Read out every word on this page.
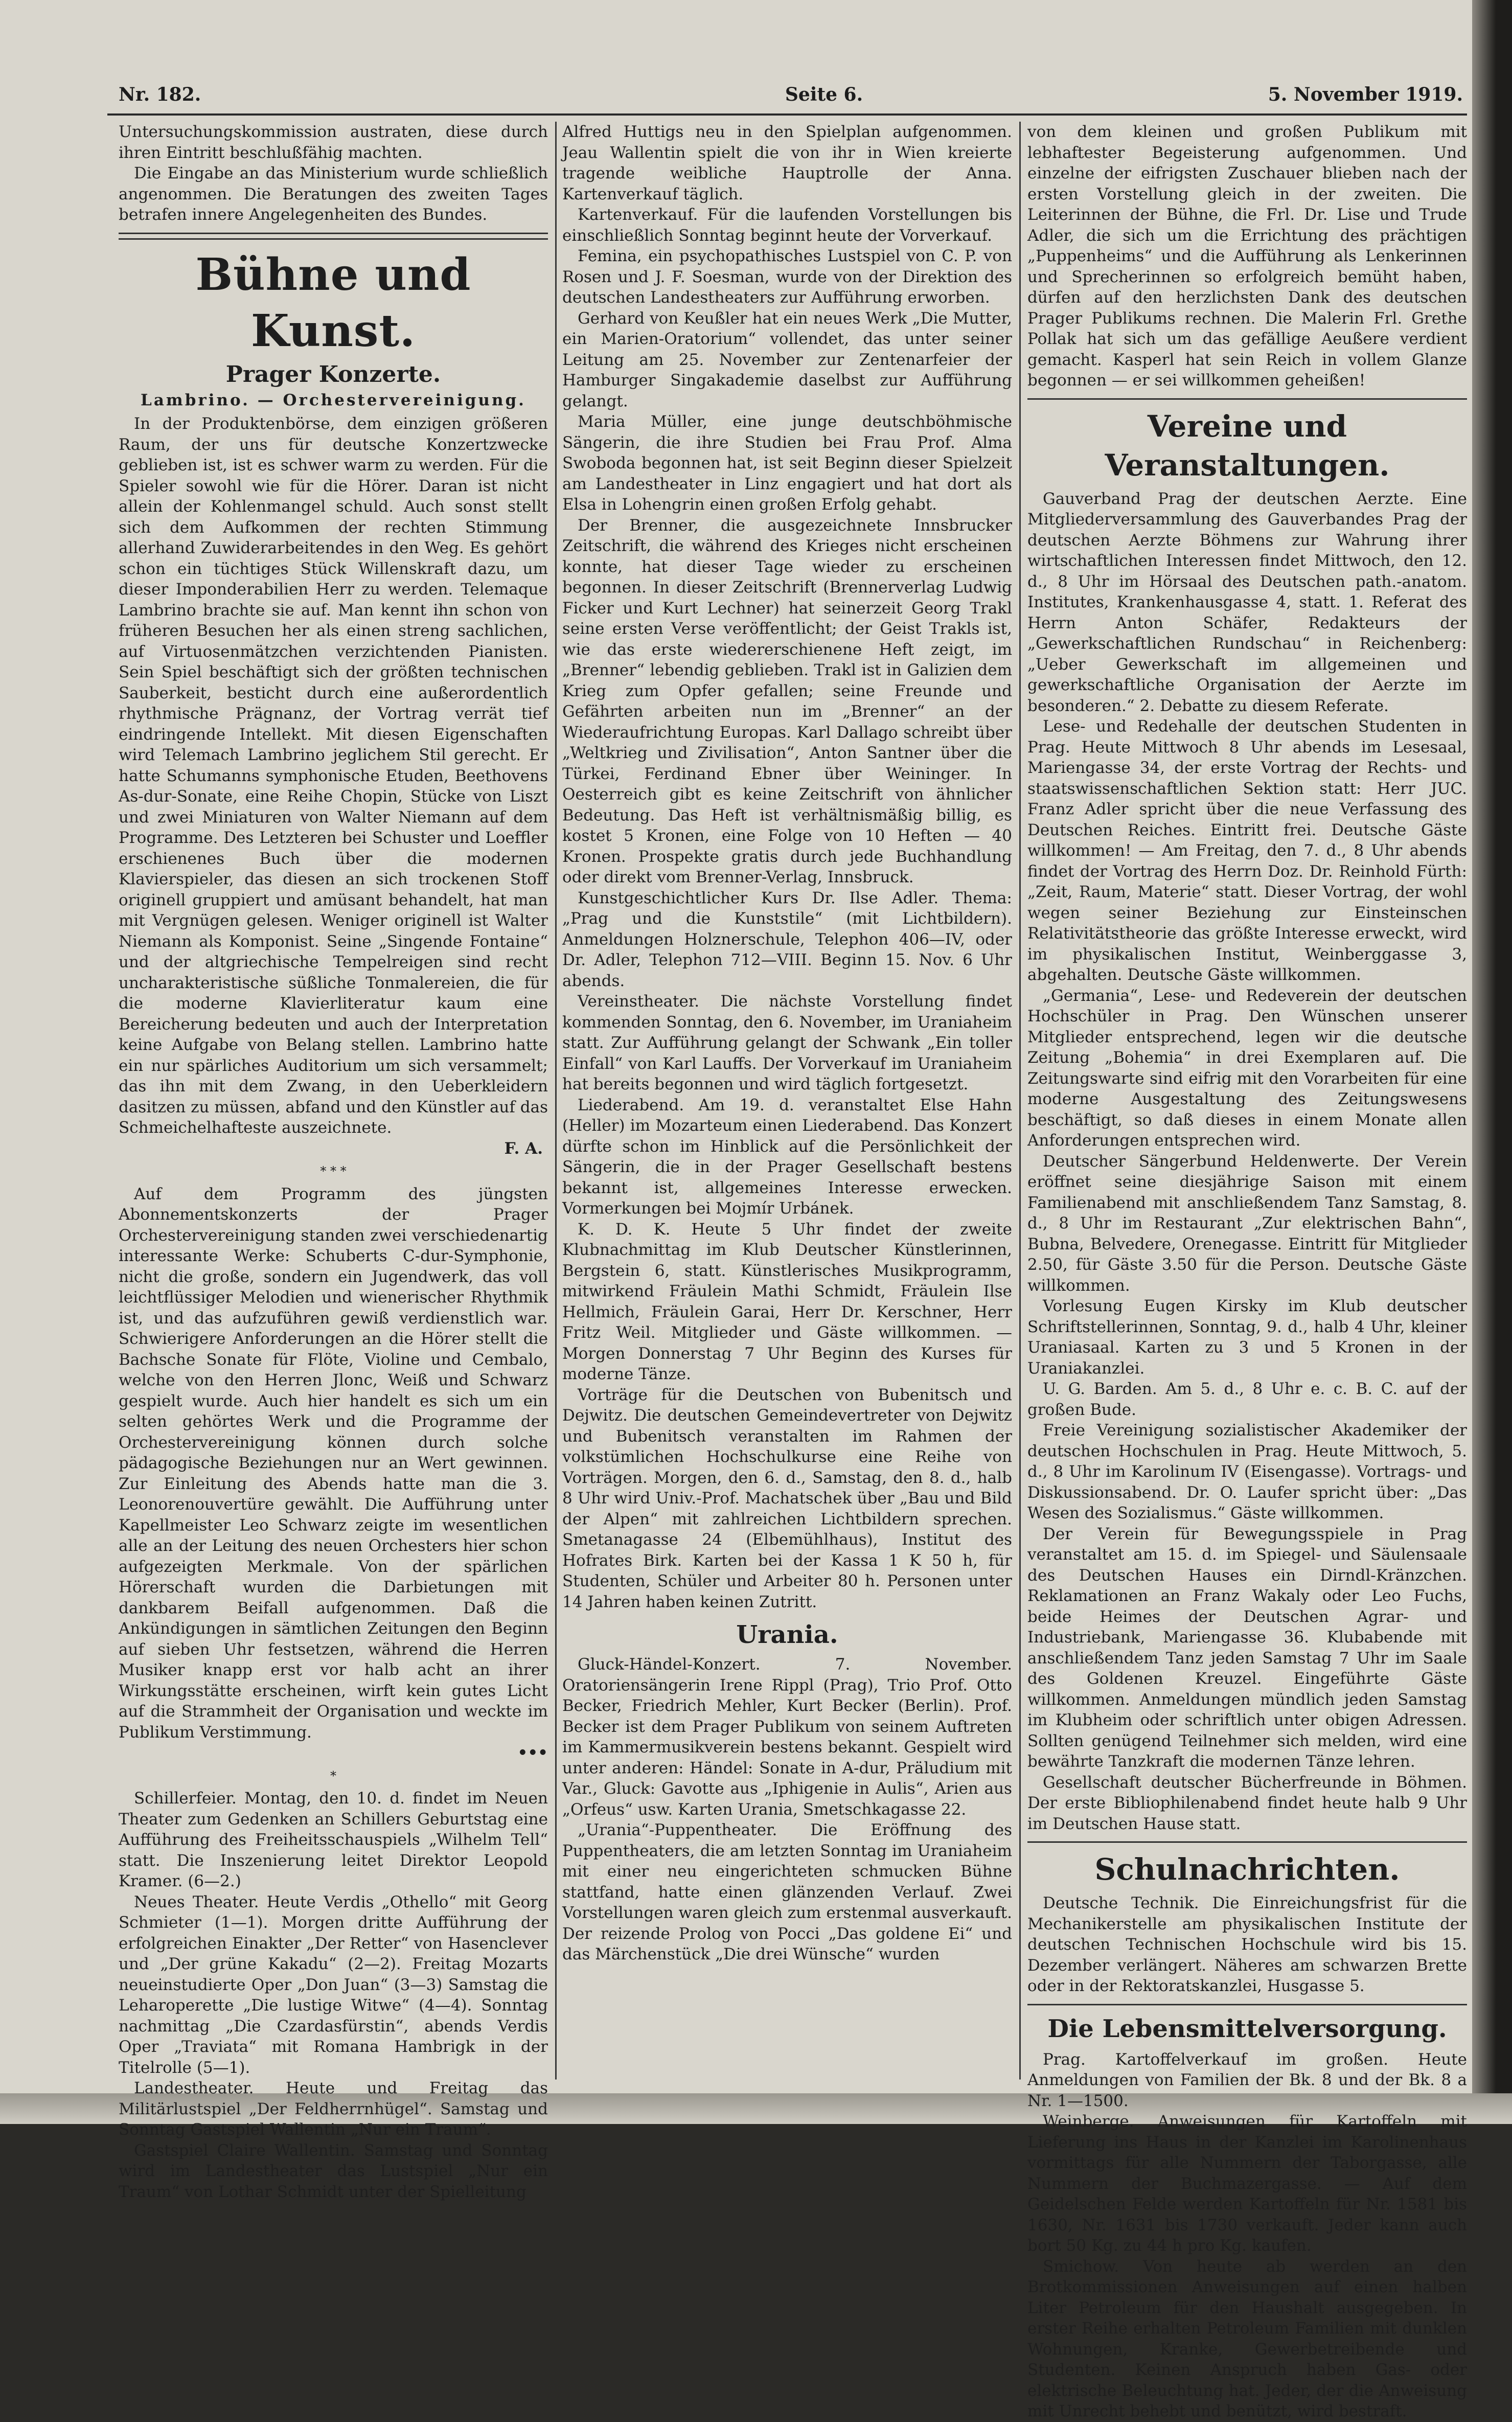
Nr. 182.	Seite 6.	5. November 1919.

Untersuchungskommission austraten, diese durch ihren Eintritt beschlußfähig machten.

Die Eingabe an das Ministerium wurde schließlich angenommen. Die Beratungen des zweiten Tages betrafen innere Angelegenheiten des Bundes.

Bühne und Kunst.
Prager Konzerte.
Lambrino. — Orchestervereinigung.

In der Produktenbörse, dem einzigen größeren Raum, der uns für deutsche Konzertzwecke geblieben ist, ist es schwer warm zu werden. Für die Spieler sowohl wie für die Hörer. Daran ist nicht allein der Kohlenmangel schuld. Auch sonst stellt sich dem Aufkommen der rechten Stimmung allerhand Zuwiderarbeitendes in den Weg. Es gehört schon ein tüchtiges Stück Willenskraft dazu, um dieser Imponderabilien Herr zu werden. Telemaque Lambrino brachte sie auf. Man kennt ihn schon von früheren Besuchen her als einen streng sachlichen, auf Virtuosenmätzchen verzichtenden Pianisten. Sein Spiel beschäftigt sich der größten technischen Sauberkeit, besticht durch eine außerordentlich rhythmische Prägnanz, der Vortrag verrät tief eindringende Intellekt. Mit diesen Eigenschaften wird Telemach Lambrino jeglichem Stil gerecht. Er hatte Schumanns symphonische Etuden, Beethovens As-dur-Sonate, eine Reihe Chopin, Stücke von Liszt und zwei Miniaturen von Walter Niemann auf dem Programme. Des Letzteren bei Schuster und Loeffler erschienenes Buch über die modernen Klavierspieler, das diesen an sich trockenen Stoff originell gruppiert und amüsant behandelt, hat man mit Vergnügen gelesen. Weniger originell ist Walter Niemann als Komponist. Seine „Singende Fontaine“ und der altgriechische Tempelreigen sind recht uncharakteristische süßliche Tonmalereien, die für die moderne Klavierliteratur kaum eine Bereicherung bedeuten und auch der Interpretation keine Aufgabe von Belang stellen. Lambrino hatte ein nur spärliches Auditorium um sich versammelt; das ihn mit dem Zwang, in den Ueberkleidern dasitzen zu müssen, abfand und den Künstler auf das Schmeichelhafteste auszeichnete.

F. A.
* * *

Auf dem Programm des jüngsten Abonnementskonzerts der Prager Orchestervereinigung standen zwei verschiedenartig interessante Werke: Schuberts C-dur-Symphonie, nicht die große, sondern ein Jugendwerk, das voll leichtflüssiger Melodien und wienerischer Rhythmik ist, und das aufzuführen gewiß verdienstlich war. Schwierigere Anforderungen an die Hörer stellt die Bachsche Sonate für Flöte, Violine und Cembalo, welche von den Herren Jlonc, Weiß und Schwarz gespielt wurde. Auch hier handelt es sich um ein selten gehörtes Werk und die Programme der Orchestervereinigung können durch solche pädagogische Beziehungen nur an Wert gewinnen. Zur Einleitung des Abends hatte man die 3. Leonorenouvertüre gewählt. Die Aufführung unter Kapellmeister Leo Schwarz zeigte im wesentlichen alle an der Leitung des neuen Orchesters hier schon aufgezeigten Merkmale. Von der spärlichen Hörerschaft wurden die Darbietungen mit dankbarem Beifall aufgenommen. Daß die Ankündigungen in sämtlichen Zeitungen den Beginn auf sieben Uhr festsetzen, während die Herren Musiker knapp erst vor halb acht an ihrer Wirkungsstätte erscheinen, wirft kein gutes Licht auf die Strammheit der Organisation und weckte im Publikum Verstimmung.

•••
*

Schillerfeier. Montag, den 10. d. findet im Neuen Theater zum Gedenken an Schillers Geburtstag eine Aufführung des Freiheitsschauspiels „Wilhelm Tell“ statt. Die Inszenierung leitet Direktor Leopold Kramer. (6—2.)

Neues Theater. Heute Verdis „Othello“ mit Georg Schmieter (1—1). Morgen dritte Aufführung der erfolgreichen Einakter „Der Retter“ von Hasenclever und „Der grüne Kakadu“ (2—2). Freitag Mozarts neueinstudierte Oper „Don Juan“ (3—3) Samstag die Leharoperette „Die lustige Witwe“ (4—4). Sonntag nachmittag „Die Czardasfürstin“, abends Verdis Oper „Traviata“ mit Romana Hambrigk in der Titelrolle (5—1).

Landestheater. Heute und Freitag das Militärlustspiel „Der Feldherrnhügel“. Samstag und Sonntag Gastspiel Wallentin „Nur ein Traum“.

Gastspiel Claire Wallentin. Samstag und Sonntag wird im Landestheater das Lustspiel „Nur ein Traum“ von Lothar Schmidt unter der Spielleitung

Alfred Huttigs neu in den Spielplan aufgenommen. Jeau Wallentin spielt die von ihr in Wien kreierte tragende weibliche Hauptrolle der Anna. Kartenverkauf täglich.

Kartenverkauf. Für die laufenden Vorstellungen bis einschließlich Sonntag beginnt heute der Vorverkauf.

Femina, ein psychopathisches Lustspiel von C. P. von Rosen und J. F. Soesman, wurde von der Direktion des deutschen Landestheaters zur Aufführung erworben.

Gerhard von Keußler hat ein neues Werk „Die Mutter, ein Marien-Oratorium“ vollendet, das unter seiner Leitung am 25. November zur Zentenarfeier der Hamburger Singakademie daselbst zur Aufführung gelangt.

Maria Müller, eine junge deutschböhmische Sängerin, die ihre Studien bei Frau Prof. Alma Swoboda begonnen hat, ist seit Beginn dieser Spielzeit am Landestheater in Linz engagiert und hat dort als Elsa in Lohengrin einen großen Erfolg gehabt.

Der Brenner, die ausgezeichnete Innsbrucker Zeitschrift, die während des Krieges nicht erscheinen konnte, hat dieser Tage wieder zu erscheinen begonnen. In dieser Zeitschrift (Brennerverlag Ludwig Ficker und Kurt Lechner) hat seinerzeit Georg Trakl seine ersten Verse veröffentlicht; der Geist Trakls ist, wie das erste wiedererschienene Heft zeigt, im „Brenner“ lebendig geblieben. Trakl ist in Galizien dem Krieg zum Opfer gefallen; seine Freunde und Gefährten arbeiten nun im „Brenner“ an der Wiederaufrichtung Europas. Karl Dallago schreibt über „Weltkrieg und Zivilisation“, Anton Santner über die Türkei, Ferdinand Ebner über Weininger. In Oesterreich gibt es keine Zeitschrift von ähnlicher Bedeutung. Das Heft ist verhältnismäßig billig, es kostet 5 Kronen, eine Folge von 10 Heften — 40 Kronen. Prospekte gratis durch jede Buchhandlung oder direkt vom Brenner-Verlag, Innsbruck.

Kunstgeschichtlicher Kurs Dr. Ilse Adler. Thema: „Prag und die Kunststile“ (mit Lichtbildern). Anmeldungen Holznerschule, Telephon 406—IV, oder Dr. Adler, Telephon 712—VIII. Beginn 15. Nov. 6 Uhr abends.

Vereinstheater. Die nächste Vorstellung findet kommenden Sonntag, den 6. November, im Uraniaheim statt. Zur Aufführung gelangt der Schwank „Ein toller Einfall“ von Karl Lauffs. Der Vorverkauf im Uraniaheim hat bereits begonnen und wird täglich fortgesetzt.

Liederabend. Am 19. d. veranstaltet Else Hahn (Heller) im Mozarteum einen Liederabend. Das Konzert dürfte schon im Hinblick auf die Persönlichkeit der Sängerin, die in der Prager Gesellschaft bestens bekannt ist, allgemeines Interesse erwecken. Vormerkungen bei Mojmír Urbánek.

K. D. K. Heute 5 Uhr findet der zweite Klubnachmittag im Klub Deutscher Künstlerinnen, Bergstein 6, statt. Künstlerisches Musikprogramm, mitwirkend Fräulein Mathi Schmidt, Fräulein Ilse Hellmich, Fräulein Garai, Herr Dr. Kerschner, Herr Fritz Weil. Mitglieder und Gäste willkommen. — Morgen Donnerstag 7 Uhr Beginn des Kurses für moderne Tänze.

Vorträge für die Deutschen von Bubenitsch und Dejwitz. Die deutschen Gemeindevertreter von Dejwitz und Bubenitsch veranstalten im Rahmen der volkstümlichen Hochschulkurse eine Reihe von Vorträgen. Morgen, den 6. d., Samstag, den 8. d., halb 8 Uhr wird Univ.-Prof. Machatschek über „Bau und Bild der Alpen“ mit zahlreichen Lichtbildern sprechen. Smetanagasse 24 (Elbemühlhaus), Institut des Hofrates Birk. Karten bei der Kassa 1 K 50 h, für Studenten, Schüler und Arbeiter 80 h. Personen unter 14 Jahren haben keinen Zutritt.

Urania.

Gluck-Händel-Konzert. 7. November. Oratoriensängerin Irene Rippl (Prag), Trio Prof. Otto Becker, Friedrich Mehler, Kurt Becker (Berlin). Prof. Becker ist dem Prager Publikum von seinem Auftreten im Kammermusikverein bestens bekannt. Gespielt wird unter anderen: Händel: Sonate in A-dur, Präludium mit Var., Gluck: Gavotte aus „Iphigenie in Aulis“, Arien aus „Orfeus“ usw. Karten Urania, Smetschkagasse 22.

„Urania“-Puppentheater. Die Eröffnung des Puppentheaters, die am letzten Sonntag im Uraniaheim mit einer neu eingerichteten schmucken Bühne stattfand, hatte einen glänzenden Verlauf. Zwei Vorstellungen waren gleich zum erstenmal ausverkauft. Der reizende Prolog von Pocci „Das goldene Ei“ und das Märchenstück „Die drei Wünsche“ wurden

von dem kleinen und großen Publikum mit lebhaftester Begeisterung aufgenommen. Und einzelne der eifrigsten Zuschauer blieben nach der ersten Vorstellung gleich in der zweiten. Die Leiterinnen der Bühne, die Frl. Dr. Lise und Trude Adler, die sich um die Errichtung des prächtigen „Puppenheims“ und die Aufführung als Lenkerinnen und Sprecherinnen so erfolgreich bemüht haben, dürfen auf den herzlichsten Dank des deutschen Prager Publikums rechnen. Die Malerin Frl. Grethe Pollak hat sich um das gefällige Aeußere verdient gemacht. Kasperl hat sein Reich in vollem Glanze begonnen — er sei willkommen geheißen!

Vereine und Veranstaltungen.

Gauverband Prag der deutschen Aerzte. Eine Mitgliederversammlung des Gauverbandes Prag der deutschen Aerzte Böhmens zur Wahrung ihrer wirtschaftlichen Interessen findet Mittwoch, den 12. d., 8 Uhr im Hörsaal des Deutschen path.-anatom. Institutes, Krankenhausgasse 4, statt. 1. Referat des Herrn Anton Schäfer, Redakteurs der „Gewerkschaftlichen Rundschau“ in Reichenberg: „Ueber Gewerkschaft im allgemeinen und gewerkschaftliche Organisation der Aerzte im besonderen.“ 2. Debatte zu diesem Referate.

Lese- und Redehalle der deutschen Studenten in Prag. Heute Mittwoch 8 Uhr abends im Lesesaal, Mariengasse 34, der erste Vortrag der Rechts- und staatswissenschaftlichen Sektion statt: Herr JUC. Franz Adler spricht über die neue Verfassung des Deutschen Reiches. Eintritt frei. Deutsche Gäste willkommen! — Am Freitag, den 7. d., 8 Uhr abends findet der Vortrag des Herrn Doz. Dr. Reinhold Fürth: „Zeit, Raum, Materie“ statt. Dieser Vortrag, der wohl wegen seiner Beziehung zur Einsteinschen Relativitätstheorie das größte Interesse erweckt, wird im physikalischen Institut, Weinberggasse 3, abgehalten. Deutsche Gäste willkommen.

„Germania“, Lese- und Redeverein der deutschen Hochschüler in Prag. Den Wünschen unserer Mitglieder entsprechend, legen wir die deutsche Zeitung „Bohemia“ in drei Exemplaren auf. Die Zeitungswarte sind eifrig mit den Vorarbeiten für eine moderne Ausgestaltung des Zeitungswesens beschäftigt, so daß dieses in einem Monate allen Anforderungen entsprechen wird.

Deutscher Sängerbund Heldenwerte. Der Verein eröffnet seine diesjährige Saison mit einem Familienabend mit anschließendem Tanz Samstag, 8. d., 8 Uhr im Restaurant „Zur elektrischen Bahn“, Bubna, Belvedere, Orenegasse. Eintritt für Mitglieder 2.50, für Gäste 3.50 für die Person. Deutsche Gäste willkommen.

Vorlesung Eugen Kirsky im Klub deutscher Schriftstellerinnen, Sonntag, 9. d., halb 4 Uhr, kleiner Uraniasaal. Karten zu 3 und 5 Kronen in der Uraniakanzlei.

U. G. Barden. Am 5. d., 8 Uhr e. c. B. C. auf der großen Bude.

Freie Vereinigung sozialistischer Akademiker der deutschen Hochschulen in Prag. Heute Mittwoch, 5. d., 8 Uhr im Karolinum IV (Eisengasse). Vortrags- und Diskussionsabend. Dr. O. Laufer spricht über: „Das Wesen des Sozialismus.“ Gäste willkommen.

Der Verein für Bewegungsspiele in Prag veranstaltet am 15. d. im Spiegel- und Säulensaale des Deutschen Hauses ein Dirndl-Kränzchen. Reklamationen an Franz Wakaly oder Leo Fuchs, beide Heimes der Deutschen Agrar- und Industriebank, Mariengasse 36. Klubabende mit anschließendem Tanz jeden Samstag 7 Uhr im Saale des Goldenen Kreuzel. Eingeführte Gäste willkommen. Anmeldungen mündlich jeden Samstag im Klubheim oder schriftlich unter obigen Adressen. Sollten genügend Teilnehmer sich melden, wird eine bewährte Tanzkraft die modernen Tänze lehren.

Gesellschaft deutscher Bücherfreunde in Böhmen. Der erste Bibliophilenabend findet heute halb 9 Uhr im Deutschen Hause statt.

Schulnachrichten.

Deutsche Technik. Die Einreichungsfrist für die Mechanikerstelle am physikalischen Institute der deutschen Technischen Hochschule wird bis 15. Dezember verlängert. Näheres am schwarzen Brette oder in der Rektoratskanzlei, Husgasse 5.

Die Lebensmittelversorgung.

Prag. Kartoffelverkauf im großen. Heute Anmeldungen von Familien der Bk. 8 und der Bk. 8 a Nr. 1—1500.

Weinberge. Anweisungen für Kartoffeln mit Lieferung ins Haus in der Kanzlei im Karolinenhaus vormittags für alle Nummern der Taborgasse, alle Nummern der Buchmazergasse. — Auf dem Geidelschen Felde werden Kartoffeln für Nr. 1581 bis 1630, Nr. 1631 bis 1730 verkauft. Jeder kann auch bort 50 Kg. zu 44 h pro Kg. kaufen.

Smichow. Von heute ab werden an den Brotkommissionen Anweisungen auf einen halben Liter Petroleum für den Haushalt ausgegeben. In erster Reihe erhalten Petroleum Familien mit dunklen Wohnungen, Kranke, Gewerbetreibende und Studenten. Keinen Anspruch haben Gas- oder elektrische Beleuchtung hat. Jeder, der die Anweisung mit Unrecht behebt und benützt, wird bestraft.
